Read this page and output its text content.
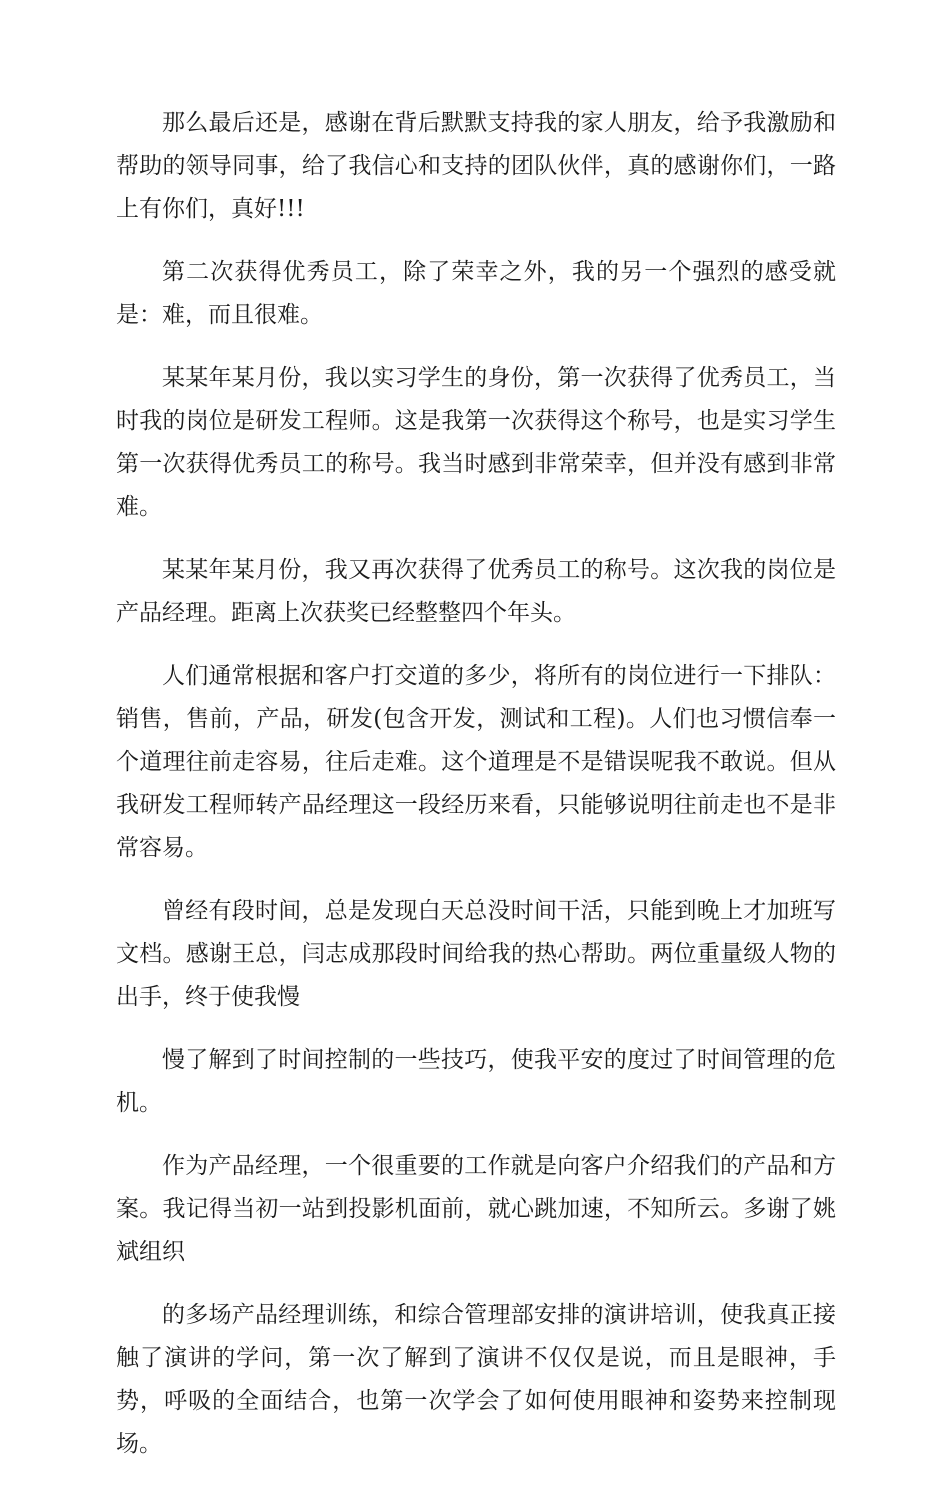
那么最后还是，感谢在背后默默支持我的家人朋友，给予我激励和帮助的领导同事，给了我信心和支持的团队伙伴，真的感谢你们，一路上有你们，真好!!!

第二次获得优秀员工，除了荣幸之外，我的另一个强烈的感受就是：难，而且很难。

某某年某月份，我以实习学生的身份，第一次获得了优秀员工，当时我的岗位是研发工程师。这是我第一次获得这个称号，也是实习学生第一次获得优秀员工的称号。我当时感到非常荣幸，但并没有感到非常难。

某某年某月份，我又再次获得了优秀员工的称号。这次我的岗位是产品经理。距离上次获奖已经整整四个年头。

人们通常根据和客户打交道的多少，将所有的岗位进行一下排队：销售，售前，产品，研发(包含开发，测试和工程)。人们也习惯信奉一个道理往前走容易，往后走难。这个道理是不是错误呢我不敢说。但从我研发工程师转产品经理这一段经历来看，只能够说明往前走也不是非常容易。

曾经有段时间，总是发现白天总没时间干活，只能到晚上才加班写文档。感谢王总，闫志成那段时间给我的热心帮助。两位重量级人物的出手，终于使我慢

慢了解到了时间控制的一些技巧，使我平安的度过了时间管理的危机。

作为产品经理，一个很重要的工作就是向客户介绍我们的产品和方案。我记得当初一站到投影机面前，就心跳加速，不知所云。多谢了姚斌组织

的多场产品经理训练，和综合管理部安排的演讲培训，使我真正接触了演讲的学问，第一次了解到了演讲不仅仅是说，而且是眼神，手势，呼吸的全面结合，也第一次学会了如何使用眼神和姿势来控制现场。
